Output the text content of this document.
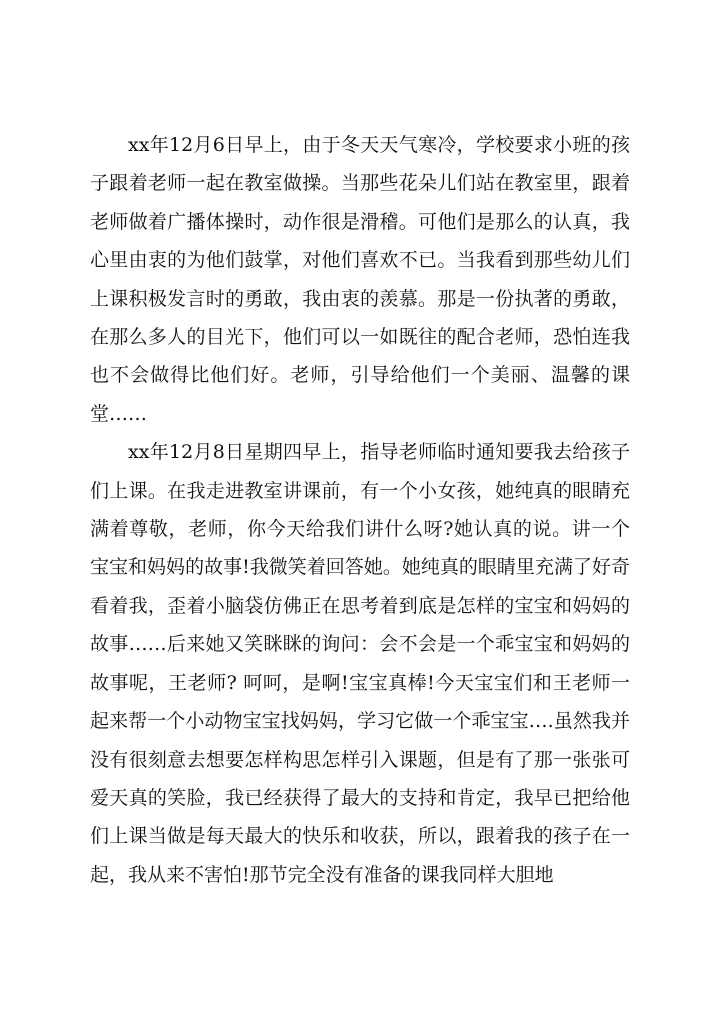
xx年12月6日早上，由于冬天天气寒冷，学校要求小班的孩子跟着老师一起在教室做操。当那些花朵儿们站在教室里，跟着老师做着广播体操时，动作很是滑稽。可他们是那么的认真，我心里由衷的为他们鼓掌，对他们喜欢不已。当我看到那些幼儿们上课积极发言时的勇敢，我由衷的羡慕。那是一份执著的勇敢，在那么多人的目光下，他们可以一如既往的配合老师，恐怕连我也不会做得比他们好。老师，引导给他们一个美丽、温馨的课堂……

xx年12月8日星期四早上，指导老师临时通知要我去给孩子们上课。在我走进教室讲课前，有一个小女孩，她纯真的眼睛充满着尊敬，老师，你今天给我们讲什么呀?她认真的说。讲一个宝宝和妈妈的故事!我微笑着回答她。她纯真的眼睛里充满了好奇看着我，歪着小脑袋仿佛正在思考着到底是怎样的宝宝和妈妈的故事……后来她又笑眯眯的询问：会不会是一个乖宝宝和妈妈的故事呢，王老师? 呵呵，是啊!宝宝真棒!今天宝宝们和王老师一起来帮一个小动物宝宝找妈妈，学习它做一个乖宝宝….虽然我并没有很刻意去想要怎样构思怎样引入课题，但是有了那一张张可爱天真的笑脸，我已经获得了最大的支持和肯定，我早已把给他们上课当做是每天最大的快乐和收获，所以，跟着我的孩子在一起，我从来不害怕!那节完全没有准备的课我同样大胆地
